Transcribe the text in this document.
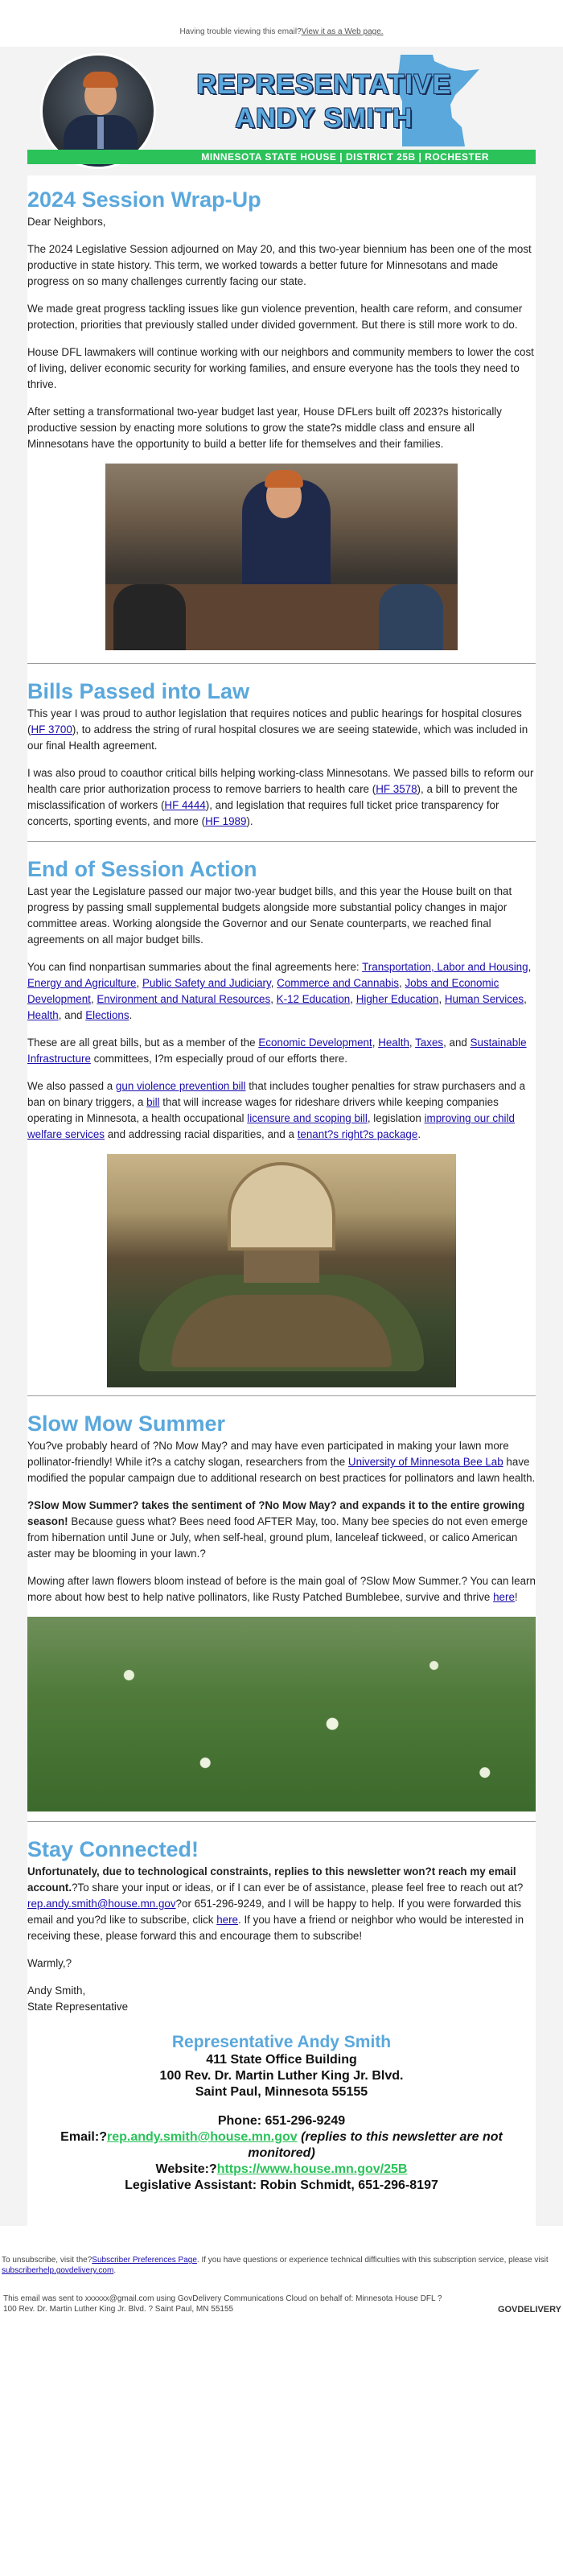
Having trouble viewing this email?View it as a Web page.
REPRESENTATIVE
ANDY SMITH
MINNESOTA STATE HOUSE | DISTRICT 25B | ROCHESTER
2024 Session Wrap-Up

Dear Neighbors,

The 2024 Legislative Session adjourned on May 20, and this two-year biennium has been one of the most productive in state history. This term, we worked towards a better future for Minnesotans and made progress on so many challenges currently facing our state.

We made great progress tackling issues like gun violence prevention, health care reform, and consumer protection, priorities that previously stalled under divided government. But there is still more work to do.

House DFL lawmakers will continue working with our neighbors and community members to lower the cost of living, deliver economic security for working families, and ensure everyone has the tools they need to thrive.

After setting a transformational two-year budget last year, House DFLers built off 2023?s historically productive session by enacting more solutions to grow the state?s middle class and ensure all Minnesotans have the opportunity to build a better life for themselves and their families.

Bills Passed into Law

This year I was proud to author legislation that requires notices and public hearings for hospital closures (HF 3700), to address the string of rural hospital closures we are seeing statewide, which was included in our final Health agreement.

I was also proud to coauthor critical bills helping working-class Minnesotans. We passed bills to reform our health care prior authorization process to remove barriers to health care (HF 3578), a bill to prevent the misclassification of workers (HF 4444), and legislation that requires full ticket price transparency for concerts, sporting events, and more (HF 1989).

End of Session Action

Last year the Legislature passed our major two-year budget bills, and this year the House built on that progress by passing small supplemental budgets alongside more substantial policy changes in major committee areas. Working alongside the Governor and our Senate counterparts, we reached final agreements on all major budget bills.

You can find nonpartisan summaries about the final agreements here: Transportation, Labor and Housing, Energy and Agriculture, Public Safety and Judiciary, Commerce and Cannabis, Jobs and Economic Development, Environment and Natural Resources, K-12 Education, Higher Education, Human Services, Health, and Elections.

These are all great bills, but as a member of the Economic Development, Health, Taxes, and Sustainable Infrastructure committees, I?m especially proud of our efforts there.

We also passed a gun violence prevention bill that includes tougher penalties for straw purchasers and a ban on binary triggers, a bill that will increase wages for rideshare drivers while keeping companies operating in Minnesota, a health occupational licensure and scoping bill, legislation improving our child welfare services and addressing racial disparities, and a tenant?s right?s package.

Slow Mow Summer

You?ve probably heard of ?No Mow May? and may have even participated in making your lawn more pollinator-friendly! While it?s a catchy slogan, researchers from the University of Minnesota Bee Lab have modified the popular campaign due to additional research on best practices for pollinators and lawn health.

?Slow Mow Summer? takes the sentiment of ?No Mow May? and expands it to the entire growing season! Because guess what? Bees need food AFTER May, too. Many bee species do not even emerge from hibernation until June or July, when self-heal, ground plum, lanceleaf tickweed, or calico American aster may be blooming in your lawn.?

Mowing after lawn flowers bloom instead of before is the main goal of ?Slow Mow Summer.? You can learn more about how best to help native pollinators, like Rusty Patched Bumblebee, survive and thrive here!

Stay Connected!

Unfortunately, due to technological constraints, replies to this newsletter won?t reach my email account.?To share your input or ideas, or if I can ever be of assistance, please feel free to reach out at?rep.andy.smith@house.mn.gov?or 651-296-9249, and I will be happy to help. If you were forwarded this email and you?d like to subscribe, click here. If you have a friend or neighbor who would be interested in receiving these, please forward this and encourage them to subscribe!

Warmly,?

Andy Smith,
State Representative

Representative Andy Smith
411 State Office Building
100 Rev. Dr. Martin Luther King Jr. Blvd.
Saint Paul, Minnesota 55155
Phone: 651-296-9249
Email:?rep.andy.smith@house.mn.gov (replies to this newsletter are not monitored)
Website:?https://www.house.mn.gov/25B
Legislative Assistant: Robin Schmidt, 651-296-8197
To unsubscribe, visit the?Subscriber Preferences Page. If you have questions or experience technical difficulties with this subscription service, please visit subscriberhelp.govdelivery.com.
This email was sent to xxxxxx@gmail.com using GovDelivery Communications Cloud on behalf of: Minnesota House DFL ? 100 Rev. Dr. Martin Luther King Jr. Blvd. ? Saint Paul, MN 55155	GOVDELIVERY
